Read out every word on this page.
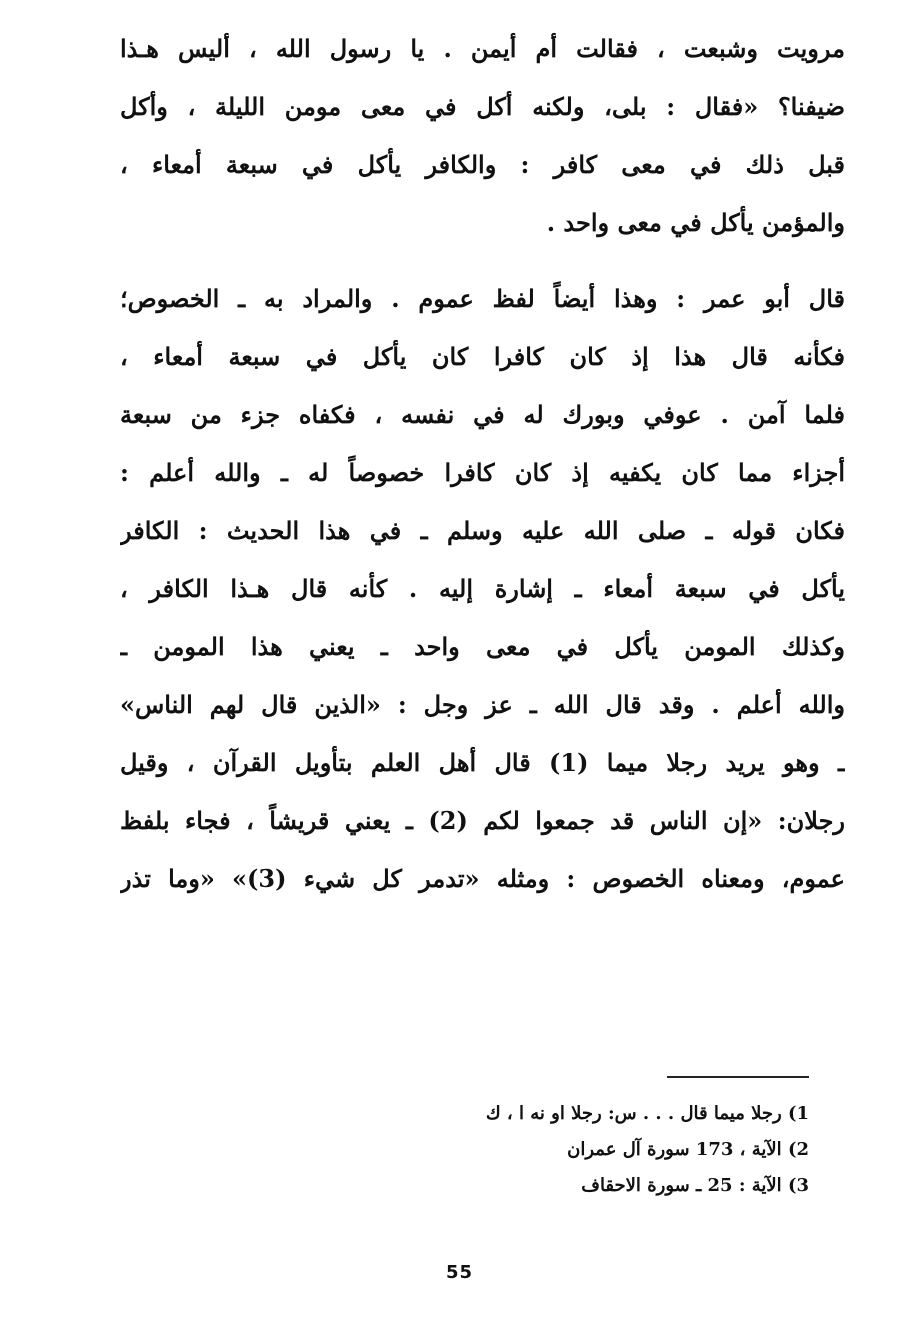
مرويت وشبعت ، فقالت أم أيمن . يا رسول الله ، أليس هـذا
ضيفنا؟ «فقال : بلى، ولكنه أكل في معى مومن الليلة ، وأكل
قبل ذلك في معى كافر : والكافر يأكل في سبعة أمعاء ،
والمؤمن يأكل في معى واحد .
قال أبو عمر : وهذا أيضاً لفظ عموم . والمراد به ـ الخصوص؛
فكأنه قال هذا إذ كان كافرا كان يأكل في سبعة أمعاء ،
فلما آمن . عوفي وبورك له في نفسه ، فكفاه جزء من سبعة
أجزاء مما كان يكفيه إذ كان كافرا خصوصاً له ـ والله أعلم :
فكان قوله ـ صلى الله عليه وسلم ـ في هذا الحديث : الكافر
يأكل في سبعة أمعاء ـ إشارة إليه . كأنه قال هـذا الكافر ،
وكذلك المومن يأكل في معى واحد ـ يعني هذا المومن ـ
والله أعلم . وقد قال الله ـ عز وجل : «الذين قال لهم الناس»
ـ وهو يريد رجلا ميما (1) قال أهل العلم بتأويل القرآن ، وقيل
رجلان: «إن الناس قد جمعوا لكم (2) ـ يعني قريشاً ، فجاء بلفظ
عموم، ومعناه الخصوص : ومثله «تدمر كل شيء (3)» «وما تذر
1) رجلا ميما قال . . . س: رجلا او نه ا ، ك
2) الآية ، 173 سورة آل عمران
3) الآية : 25 ـ سورة الاحقاف
55
